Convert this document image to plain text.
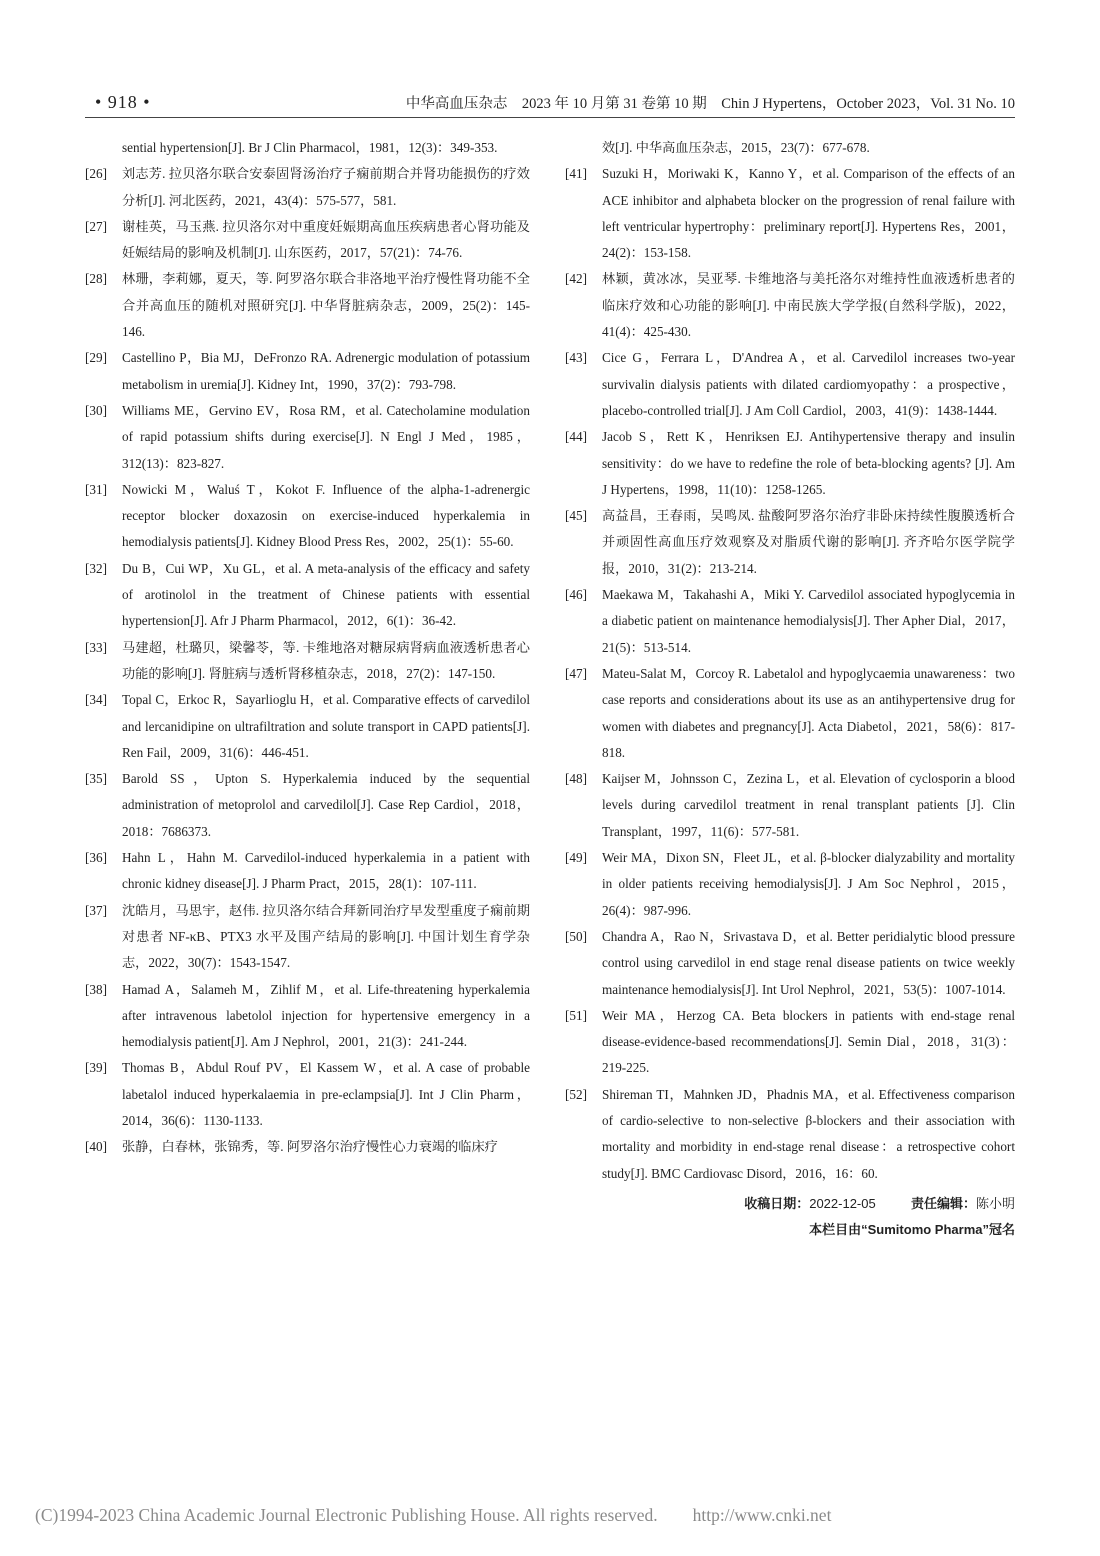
• 918 •	中华高血压杂志　2023 年 10 月第 31 卷第 10 期　Chin J Hypertens，October 2023，Vol. 31 No. 10
sential hypertension[J]. Br J Clin Pharmacol，1981，12(3)：349-353.
[26] 刘志芳. 拉贝洛尔联合安泰固肾汤治疗子痫前期合并肾功能损伤的疗效分析[J]. 河北医药，2021，43(4)：575-577，581.
[27] 谢桂英，马玉燕. 拉贝洛尔对中重度妊娠期高血压疾病患者心肾功能及妊娠结局的影响及机制[J]. 山东医药，2017，57(21)：74-76.
[28] 林珊，李莉娜，夏天，等. 阿罗洛尔联合非洛地平治疗慢性肾功能不全合并高血压的随机对照研究[J]. 中华肾脏病杂志，2009，25(2)：145-146.
[29] Castellino P，Bia MJ，DeFronzo RA. Adrenergic modulation of potassium metabolism in uremia[J]. Kidney Int，1990，37(2)：793-798.
[30] Williams ME，Gervino EV，Rosa RM，et al. Catecholamine modulation of rapid potassium shifts during exercise[J]. N Engl J Med，1985，312(13)：823-827.
[31] Nowicki M，Waluś T，Kokot F. Influence of the alpha-1-adrenergic receptor blocker doxazosin on exercise-induced hyperkalemia in hemodialysis patients[J]. Kidney Blood Press Res，2002，25(1)：55-60.
[32] Du B，Cui WP，Xu GL，et al. A meta-analysis of the efficacy and safety of arotinolol in the treatment of Chinese patients with essential hypertension[J]. Afr J Pharm Pharmacol，2012，6(1)：36-42.
[33] 马建超，杜璐贝，梁馨苓，等. 卡维地洛对糖尿病肾病血液透析患者心功能的影响[J]. 肾脏病与透析肾移植杂志，2018，27(2)：147-150.
[34] Topal C，Erkoc R，Sayarlioglu H，et al. Comparative effects of carvedilol and lercanidipine on ultrafiltration and solute transport in CAPD patients[J]. Ren Fail，2009，31(6)：446-451.
[35] Barold SS，Upton S. Hyperkalemia induced by the sequential administration of metoprolol and carvedilol[J]. Case Rep Cardiol，2018，2018：7686373.
[36] Hahn L，Hahn M. Carvedilol-induced hyperkalemia in a patient with chronic kidney disease[J]. J Pharm Pract，2015，28(1)：107-111.
[37] 沈皓月，马思宇，赵伟. 拉贝洛尔结合拜新同治疗早发型重度子痫前期对患者 NF-κB、PTX3 水平及围产结局的影响[J]. 中国计划生育学杂志，2022，30(7)：1543-1547.
[38] Hamad A，Salameh M，Zihlif M，et al. Life-threatening hyperkalemia after intravenous labetolol injection for hypertensive emergency in a hemodialysis patient[J]. Am J Nephrol，2001，21(3)：241-244.
[39] Thomas B，Abdul Rouf PV，El Kassem W，et al. A case of probable labetalol induced hyperkalaemia in pre-eclampsia[J]. Int J Clin Pharm，2014，36(6)：1130-1133.
[40] 张静，白春林，张锦秀，等. 阿罗洛尔治疗慢性心力衰竭的临床疗
效[J]. 中华高血压杂志，2015，23(7)：677-678.
[41] Suzuki H，Moriwaki K，Kanno Y，et al. Comparison of the effects of an ACE inhibitor and alphabeta blocker on the progression of renal failure with left ventricular hypertrophy：preliminary report[J]. Hypertens Res，2001，24(2)：153-158.
[42] 林颖，黄冰冰，吴亚琴. 卡维地洛与美托洛尔对维持性血液透析患者的临床疗效和心功能的影响[J]. 中南民族大学学报(自然科学版)，2022，41(4)：425-430.
[43] Cice G，Ferrara L，D'Andrea A，et al. Carvedilol increases two-year survivalin dialysis patients with dilated cardiomyopathy：a prospective，placebo-controlled trial[J]. J Am Coll Cardiol，2003，41(9)：1438-1444.
[44] Jacob S，Rett K，Henriksen EJ. Antihypertensive therapy and insulin sensitivity：do we have to redefine the role of beta-blocking agents? [J]. Am J Hypertens，1998，11(10)：1258-1265.
[45] 高益昌，王春雨，吴鸣凤. 盐酸阿罗洛尔治疗非卧床持续性腹膜透析合并顽固性高血压疗效观察及对脂质代谢的影响[J]. 齐齐哈尔医学院学报，2010，31(2)：213-214.
[46] Maekawa M，Takahashi A，Miki Y. Carvedilol associated hypoglycemia in a diabetic patient on maintenance hemodialysis[J]. Ther Apher Dial，2017，21(5)：513-514.
[47] Mateu-Salat M，Corcoy R. Labetalol and hypoglycaemia unawareness：two case reports and considerations about its use as an antihypertensive drug for women with diabetes and pregnancy[J]. Acta Diabetol，2021，58(6)：817-818.
[48] Kaijser M，Johnsson C，Zezina L，et al. Elevation of cyclosporin a blood levels during carvedilol treatment in renal transplant patients [J]. Clin Transplant，1997，11(6)：577-581.
[49] Weir MA，Dixon SN，Fleet JL，et al. β-blocker dialyzability and mortality in older patients receiving hemodialysis[J]. J Am Soc Nephrol，2015，26(4)：987-996.
[50] Chandra A，Rao N，Srivastava D，et al. Better peridialytic blood pressure control using carvedilol in end stage renal disease patients on twice weekly maintenance hemodialysis[J]. Int Urol Nephrol，2021，53(5)：1007-1014.
[51] Weir MA，Herzog CA. Beta blockers in patients with end-stage renal disease-evidence-based recommendations[J]. Semin Dial，2018，31(3)：219-225.
[52] Shireman TI，Mahnken JD，Phadnis MA，et al. Effectiveness comparison of cardio-selective to non-selective β-blockers and their association with mortality and morbidity in end-stage renal disease：a retrospective cohort study[J]. BMC Cardiovasc Disord，2016，16：60.
收稿日期：2022-12-05	责任编辑：陈小明
本栏目由“Sumitomo Pharma”冠名
(C)1994-2023 China Academic Journal Electronic Publishing House. All rights reserved.　　http://www.cnki.net
